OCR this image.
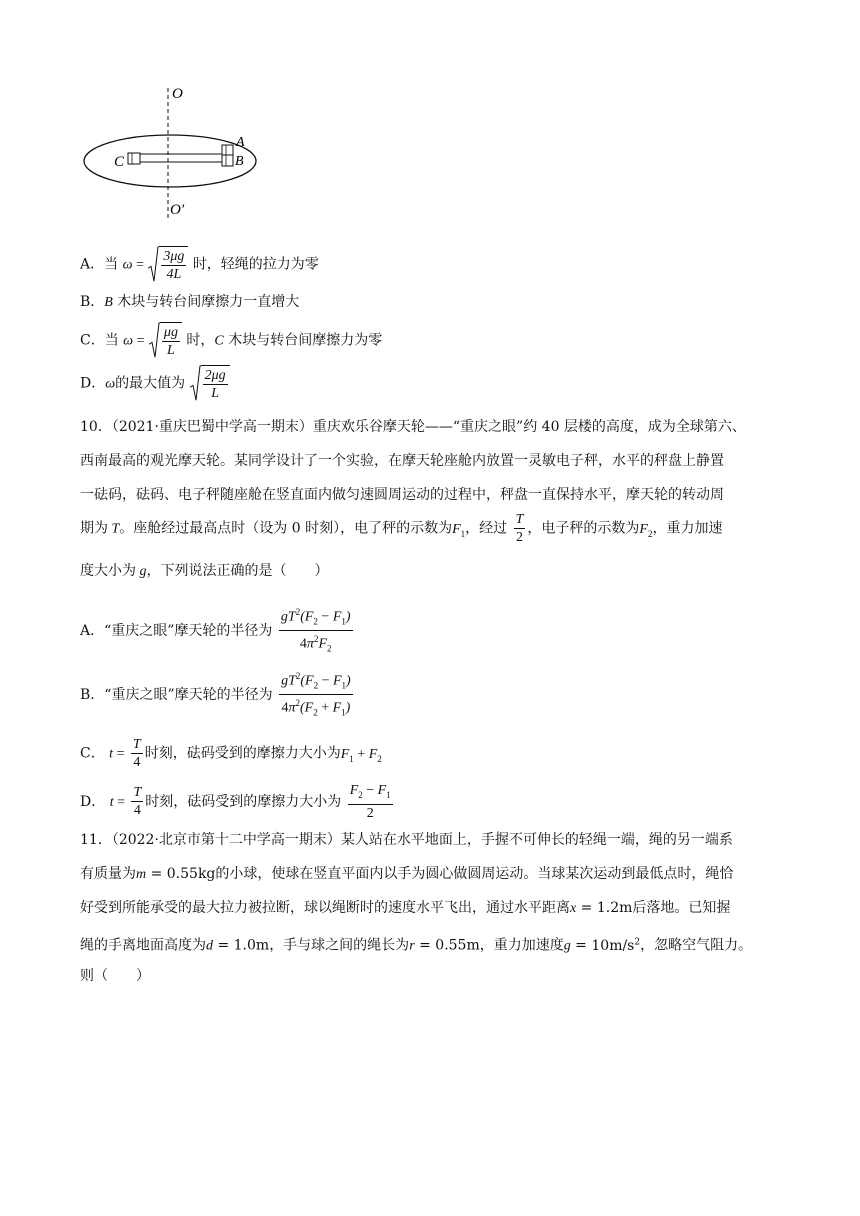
O
O′
A
B
C
A．当 $\omega = \frac{3\mu g}{4L}$ 时，轻绳的拉力为零
B．B 木块与转台间摩擦力一直增大
C．当 $\omega = \frac{\mu g}{L}$ 时，C 木块与转台间摩擦力为零
D．ω的最大值为 $\frac{2\mu g}{L}$
10．（2021·重庆巴蜀中学高一期末）重庆欢乐谷摩天轮——“重庆之眼”约 40 层楼的高度，成为全球第六、
西南最高的观光摩天轮。某同学设计了一个实验，在摩天轮座舱内放置一灵敏电子秤，水平的秤盘上静置
一砝码，砝码、电子秤随座舱在竖直面内做匀速圆周运动的过程中，秤盘一直保持水平，摩天轮的转动周
期为 T。座舱经过最高点时（设为 0 时刻），电了秤的示数为$F_1$，经过 $\frac{T}{2}$ ，电子秤的示数为$F_2$，重力加速
度大小为 g，下列说法正确的是（　　）
A．“重庆之眼”摩天轮的半径为 $\frac{gT^2(F_2 - F_1)}{4\pi^2F_2}$
B．“重庆之眼”摩天轮的半径为 $\frac{gT^2(F_2 - F_1)}{4\pi^2(F_2 + F_1)}$
C． $t = \frac{T}{4}$ 时刻，砝码受到的摩擦力大小为$F_1 + F_2$
D． $t = \frac{T}{4}$ 时刻，砝码受到的摩擦力大小为 $\frac{F_2 - F_1}{2}$
11．（2022·北京市第十二中学高一期末）某人站在水平地面上，手握不可伸长的轻绳一端，绳的另一端系
有质量为m = 0.55kg的小球，使球在竖直平面内以手为圆心做圆周运动。当球某次运动到最低点时，绳恰
好受到所能承受的最大拉力被拉断，球以绳断时的速度水平飞出，通过水平距离x = 1.2m后落地。已知握
绳的手离地面高度为d = 1.0m，手与球之间的绳长为r = 0.55m，重力加速度$g = 10m/s^2$，忽略空气阻力。
则（　　）
